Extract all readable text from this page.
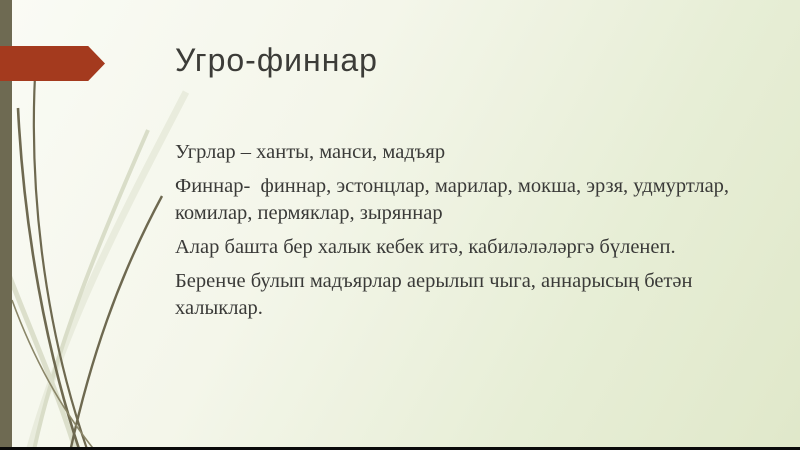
Угро-финнар

Угрлар – ханты, манси, мадъяр

Финнар-  финнар, эстонцлар, марилар, мокша, эрзя, удмуртлар, комилар, пермяклар, зыряннар

Алар башта бер халык кебек итә, кабиләләләргә бүленеп.

Беренче булып мадъярлар аерылып чыга, аннарысың бетән халыклар.
